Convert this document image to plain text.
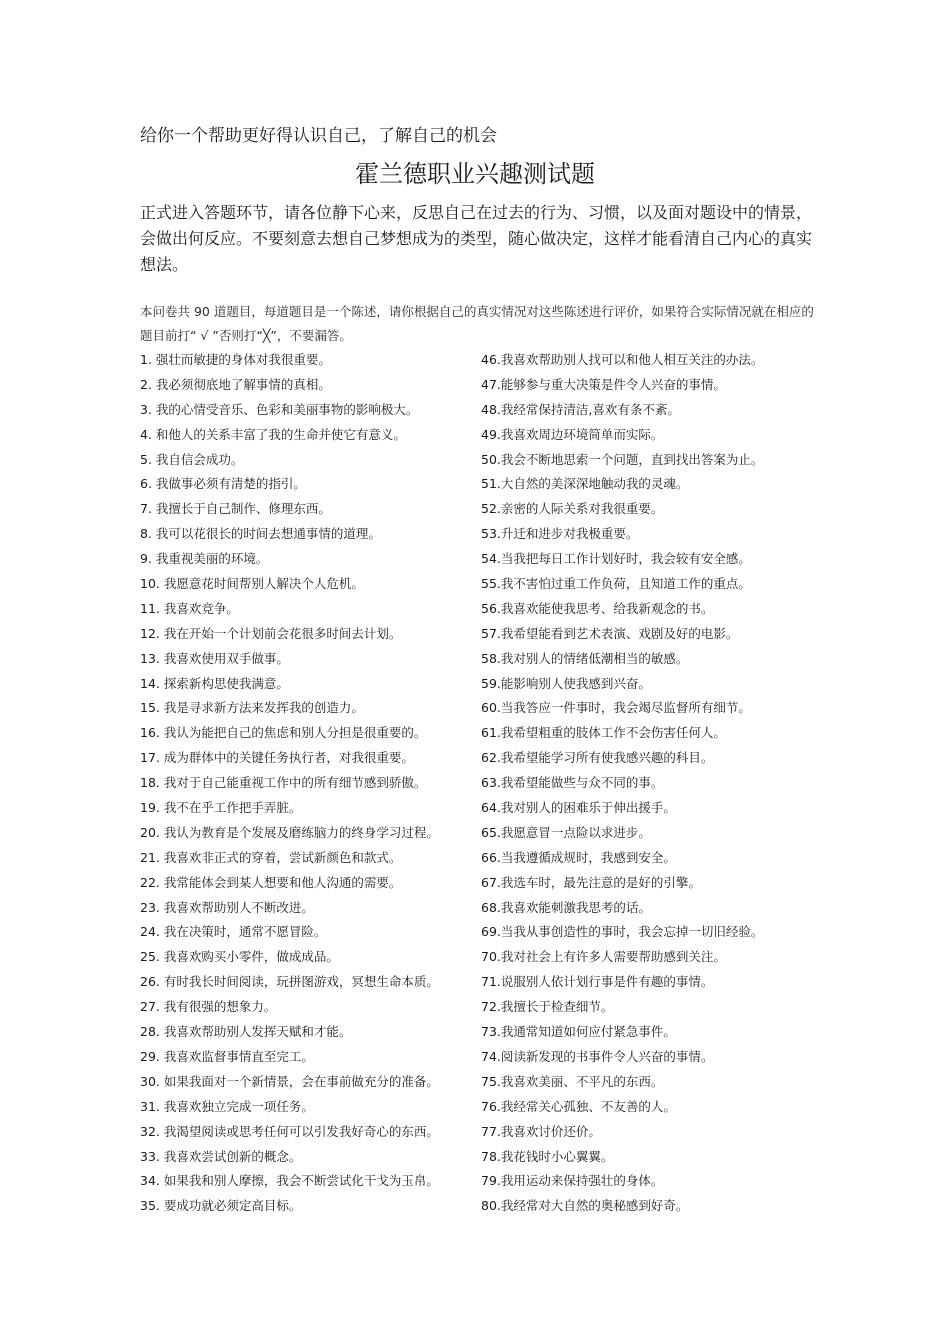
给你一个帮助更好得认识自己，了解自己的机会
霍兰德职业兴趣测试题
正式进入答题环节，请各位静下心来，反思自己在过去的行为、习惯，以及面对题设中的情景，会做出何反应。不要刻意去想自己梦想成为的类型，随心做决定，这样才能看清自己内心的真实想法。
本问卷共 90 道题目，每道题目是一个陈述，请你根据自己的真实情况对这些陈述进行评价，如果符合实际情况就在相应的题目前打“ √ ”否则打“╳”，不要漏答。
1. 强壮而敏捷的身体对我很重要。
2. 我必须彻底地了解事情的真相。
3. 我的心情受音乐、色彩和美丽事物的影响极大。
4. 和他人的关系丰富了我的生命并使它有意义。
5. 我自信会成功。
6. 我做事必须有清楚的指引。
7. 我擅长于自己制作、修理东西。
8. 我可以花很长的时间去想通事情的道理。
9. 我重视美丽的环境。
10. 我愿意花时间帮别人解决个人危机。
11. 我喜欢竞争。
12. 我在开始一个计划前会花很多时间去计划。
13. 我喜欢使用双手做事。
14. 探索新构思使我满意。
15. 我是寻求新方法来发挥我的创造力。
16. 我认为能把自己的焦虑和别人分担是很重要的。
17. 成为群体中的关键任务执行者，对我很重要。
18. 我对于自己能重视工作中的所有细节感到骄傲。
19. 我不在乎工作把手弄脏。
20. 我认为教育是个发展及磨练脑力的终身学习过程。
21. 我喜欢非正式的穿着，尝试新颜色和款式。
22. 我常能体会到某人想要和他人沟通的需要。
23. 我喜欢帮助别人不断改进。
24. 我在决策时，通常不愿冒险。
25. 我喜欢购买小零件，做成成品。
26. 有时我长时间阅读，玩拼图游戏，冥想生命本质。
27. 我有很强的想象力。
28. 我喜欢帮助别人发挥天赋和才能。
29. 我喜欢监督事情直至完工。
30. 如果我面对一个新情景，会在事前做充分的准备。
31. 我喜欢独立完成一项任务。
32. 我渴望阅读或思考任何可以引发我好奇心的东西。
33. 我喜欢尝试创新的概念。
34. 如果我和别人摩擦，我会不断尝试化干戈为玉帛。
35. 要成功就必须定高目标。
46.我喜欢帮助别人找可以和他人相互关注的办法。
47.能够参与重大决策是件令人兴奋的事情。
48.我经常保持清洁,喜欢有条不紊。
49.我喜欢周边环境简单而实际。
50.我会不断地思索一个问题，直到找出答案为止。
51.大自然的美深深地触动我的灵魂。
52.亲密的人际关系对我很重要。
53.升迁和进步对我极重要。
54.当我把每日工作计划好时，我会较有安全感。
55.我不害怕过重工作负荷，且知道工作的重点。
56.我喜欢能使我思考、给我新观念的书。
57.我希望能看到艺术表演、戏剧及好的电影。
58.我对别人的情绪低潮相当的敏感。
59.能影响别人使我感到兴奋。
60.当我答应一件事时，我会竭尽监督所有细节。
61.我希望粗重的肢体工作不会伤害任何人。
62.我希望能学习所有使我感兴趣的科目。
63.我希望能做些与众不同的事。
64.我对别人的困难乐于伸出援手。
65.我愿意冒一点险以求进步。
66.当我遵循成规时，我感到安全。
67.我选车时，最先注意的是好的引擎。
68.我喜欢能刺激我思考的话。
69.当我从事创造性的事时，我会忘掉一切旧经验。
70.我对社会上有许多人需要帮助感到关注。
71.说服别人依计划行事是件有趣的事情。
72.我擅长于检查细节。
73.我通常知道如何应付紧急事件。
74.阅读新发现的书事件令人兴奋的事情。
75.我喜欢美丽、不平凡的东西。
76.我经常关心孤独、不友善的人。
77.我喜欢讨价还价。
78.我花钱时小心翼翼。
79.我用运动来保持强壮的身体。
80.我经常对大自然的奥秘感到好奇。
